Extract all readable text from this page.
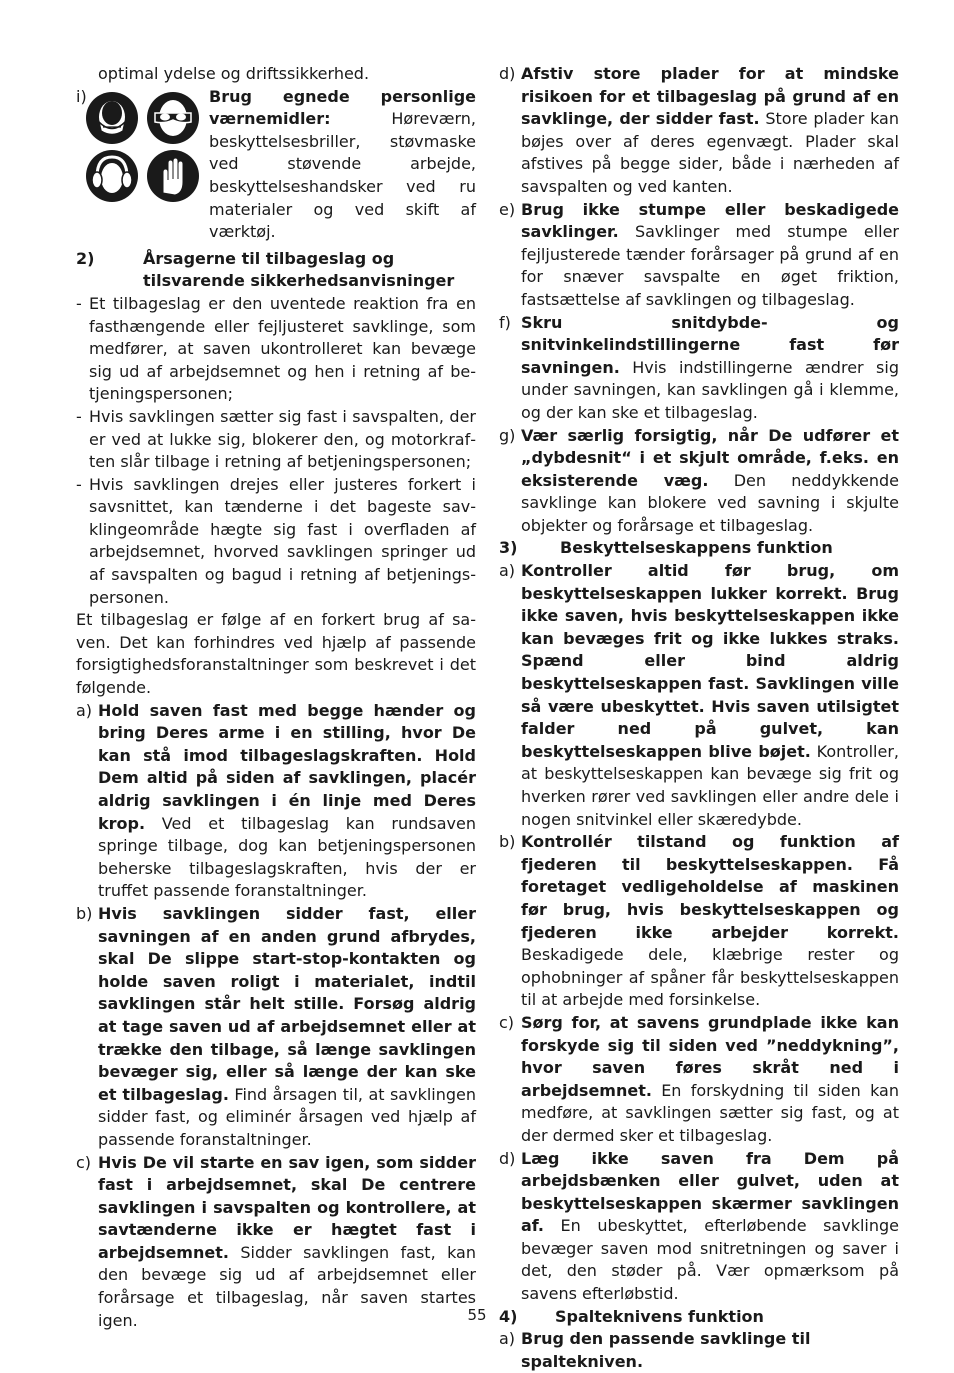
optimal ydelse og driftssikkerhed.

i)	Brug egnede personlige værnemidler: Høreværn, beskyttelsesbriller, støvmaske ved støvende arbejde, beskyttelseshandsker ved ru materialer og ved skift af værktøj.

2)	Årsagerne til tilbageslag og tilsvarende sikkerhedsanvisninger
- Et tilbageslag er den uventede reaktion fra en fasthængende eller fejljusteret savklinge, som medfører, at saven ukontrolleret kan bevæge sig ud af arbejdsemnet og hen i retning af betjeningspersonen;
- Hvis savklingen sætter sig fast i savspalten, der er ved at lukke sig, blokerer den, og motorkraften slår tilbage i retning af betjeningspersonen;
- Hvis savklingen drejes eller justeres forkert i savsnittet, kan tænderne i det bageste savklingeområde hægte sig fast i overfladen af arbejdsemnet, hvorved savklingen springer ud af savspalten og bagud i retning af betjeningspersonen.

Et tilbageslag er følge af en forkert brug af saven. Det kan forhindres ved hjælp af passende forsigtighedsforanstaltninger som beskrevet i det følgende.

a) Hold saven fast med begge hænder og bring Deres arme i en stilling, hvor De kan stå imod tilbageslagskraften. Hold Dem altid på siden af savklingen, placér aldrig savklingen i én linje med Deres krop. Ved et tilbageslag kan rundsaven springe tilbage, dog kan betjeningspersonen beherske tilbageslagskraften, hvis der er truffet passende foranstaltninger.
b) Hvis savklingen sidder fast, eller savningen af en anden grund afbrydes, skal De slippe start-stop-kontakten og holde saven roligt i materialet, indtil savklingen står helt stille. Forsøg aldrig at tage saven ud af arbejdsemnet eller at trække den tilbage, så længe savklingen bevæger sig, eller så længe der kan ske et tilbageslag. Find årsagen til, at savklingen sidder fast, og eliminér årsagen ved hjælp af passende foranstaltninger.
c) Hvis De vil starte en sav igen, som sidder fast i arbejdsemnet, skal De centrere savklingen i savspalten og kontrollere, at savtænderne ikke er hægtet fast i arbejdsemnet. Sidder savklingen fast, kan den bevæge sig ud af arbejdsemnet eller forårsage et tilbageslag, når saven startes igen.
d) Afstiv store plader for at mindske risikoen for et tilbageslag på grund af en savklinge, der sidder fast. Store plader kan bøjes over af deres egenvægt. Plader skal afstives på begge sider, både i nærheden af savspalten og ved kanten.
e) Brug ikke stumpe eller beskadigede savklinger. Savklinger med stumpe eller fejljusterede tænder forårsager på grund af en for snæver savspalte en øget friktion, fastsættelse af savklingen og tilbageslag.
f) Skru snitdybde- og snitvinkelindstillingerne fast før savningen. Hvis indstillingerne ændrer sig under savningen, kan savklingen gå i klemme, og der kan ske et tilbageslag.
g) Vær særlig forsigtig, når De udfører et „dybdesnit“ i et skjult område, f.eks. en eksisterende væg. Den neddykkende savklinge kan blokere ved savning i skjulte objekter og forårsage et tilbageslag.
3)	Beskyttelseskappens funktion
a) Kontroller altid før brug, om beskyttelseskappen lukker korrekt. Brug ikke saven, hvis beskyttelseskappen ikke kan bevæges frit og ikke lukkes straks. Spænd eller bind aldrig beskyttelseskappen fast. Savklingen ville så være ubeskyttet. Hvis saven utilsigtet falder ned på gulvet, kan beskyttelseskappen blive bøjet. Kontroller, at beskyttelseskappen kan bevæge sig frit og hverken rører ved savklingen eller andre dele i nogen snitvinkel eller skæredybde.
b) Kontrollér tilstand og funktion af fjederen til beskyttelseskappen. Få foretaget vedligeholdelse af maskinen før brug, hvis beskyttelseskappen og fjederen ikke arbejder korrekt. Beskadigede dele, klæbrige rester og ophobninger af spåner får beskyttelseskappen til at arbejde med forsinkelse.
c) Sørg for, at savens grundplade ikke kan forskyde sig til siden ved ”neddykning”, hvor saven føres skråt ned i arbejdsemnet. En forskydning til siden kan medføre, at savklingen sætter sig fast, og at der dermed sker et tilbageslag.
d) Læg ikke saven fra Dem på arbejdsbænken eller gulvet, uden at beskyttelseskappen skærmer savklingen af. En ubeskyttet, efterløbende savklinge bevæger saven mod snitretningen og saver i det, den støder på. Vær opmærksom på savens efterløbstid.
4) Spalteknivens funktion
a) Brug den passende savklinge til spaltekniven.
55
